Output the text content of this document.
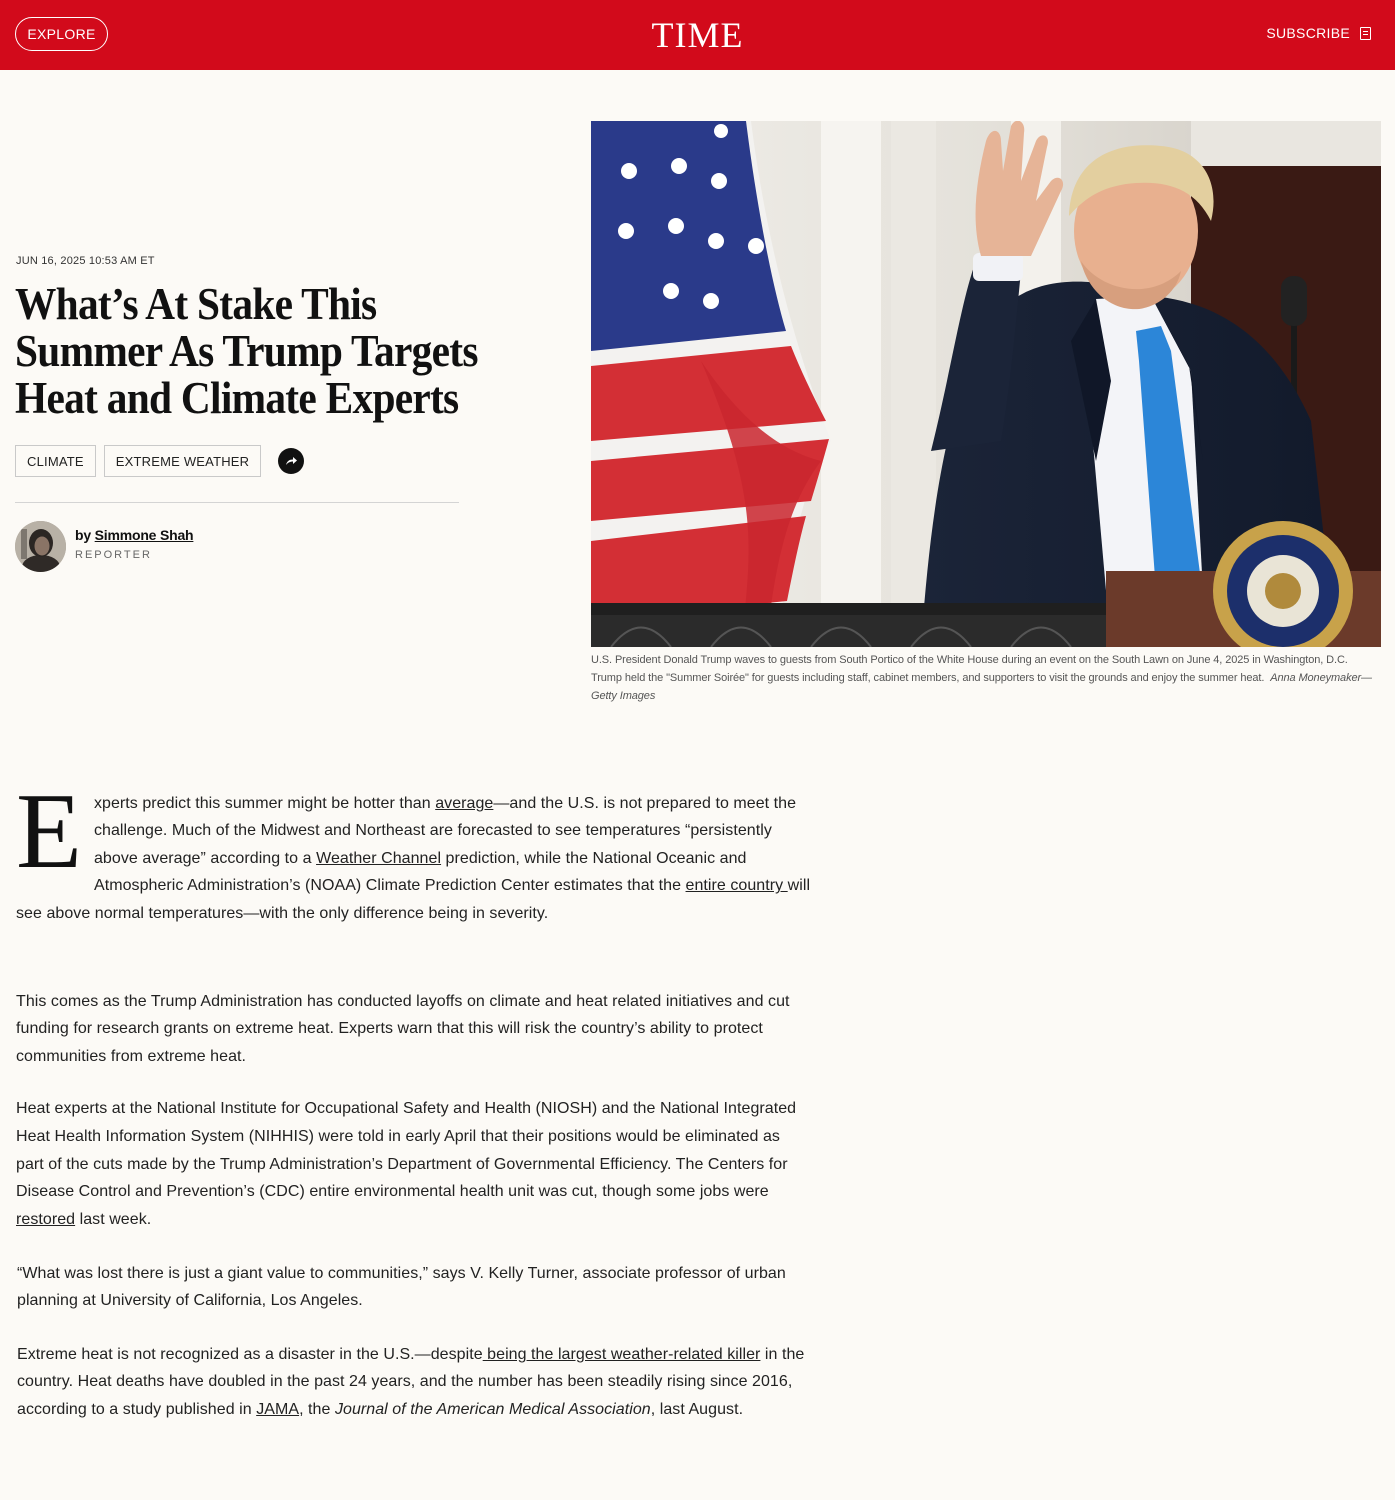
EXPLORE	TIME	SUBSCRIBE
JUN 16, 2025 10:53 AM ET
What’s At Stake This
Summer As Trump Targets
Heat and Climate Experts
CLIMATE	EXTREME WEATHER
by Simmone Shah
REPORTER
U.S. President Donald Trump waves to guests from South Portico of the White House during an event on the South Lawn on June 4, 2025 in Washington, D.C. Trump held the "Summer Soirée" for guests including staff, cabinet members, and supporters to visit the grounds and enjoy the summer heat. Anna Moneymaker—Getty Images

Experts predict this summer might be hotter than average—and the U.S. is not prepared to meet the challenge. Much of the Midwest and Northeast are forecasted to see temperatures “persistently above average” according to a Weather Channel prediction, while the National Oceanic and Atmospheric Administration’s (NOAA) Climate Prediction Center estimates that the entire country will see above normal temperatures—with the only difference being in severity.

This comes as the Trump Administration has conducted layoffs on climate and heat related initiatives and cut funding for research grants on extreme heat. Experts warn that this will risk the country’s ability to protect communities from extreme heat.

Heat experts at the National Institute for Occupational Safety and Health (NIOSH) and the National Integrated Heat Health Information System (NIHHIS) were told in early April that their positions would be eliminated as part of the cuts made by the Trump Administration’s Department of Governmental Efficiency. The Centers for Disease Control and Prevention’s (CDC) entire environmental health unit was cut, though some jobs were restored last week.

“What was lost there is just a giant value to communities,” says V. Kelly Turner, associate professor of urban planning at University of California, Los Angeles.

Extreme heat is not recognized as a disaster in the U.S.—despite being the largest weather-related killer in the country. Heat deaths have doubled in the past 24 years, and the number has been steadily rising since 2016, according to a study published in JAMA, the Journal of the American Medical Association, last August.
